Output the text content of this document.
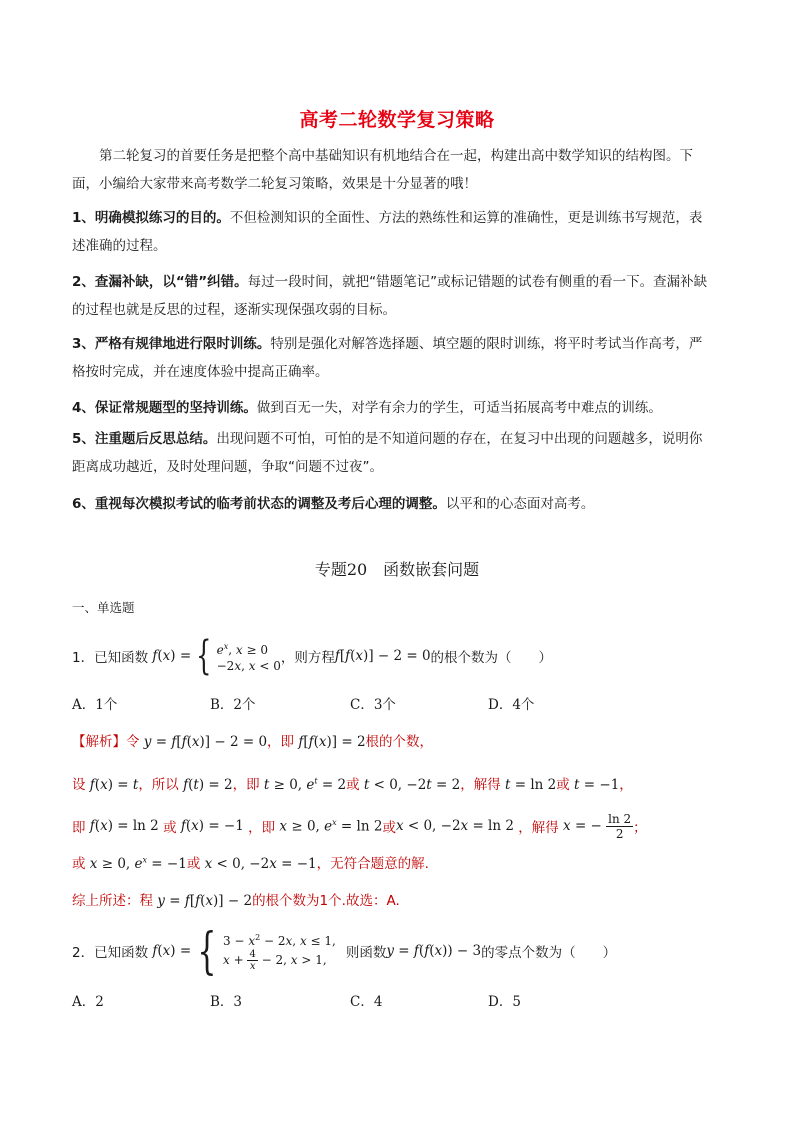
高考二轮数学复习策略
第二轮复习的首要任务是把整个高中基础知识有机地结合在一起，构建出高中数学知识的结构图。下
面，小编给大家带来高考数学二轮复习策略，效果是十分显著的哦！
1、明确模拟练习的目的。不但检测知识的全面性、方法的熟练性和运算的准确性，更是训练书写规范，表
述准确的过程。
2、查漏补缺，以“错”纠错。每过一段时间，就把“错题笔记”或标记错题的试卷有侧重的看一下。查漏补缺
的过程也就是反思的过程，逐渐实现保强攻弱的目标。
3、严格有规律地进行限时训练。特别是强化对解答选择题、填空题的限时训练，将平时考试当作高考，严
格按时完成，并在速度体验中提高正确率。
4、保证常规题型的坚持训练。做到百无一失，对学有余力的学生，可适当拓展高考中难点的训练。
5、注重题后反思总结。出现问题不可怕，可怕的是不知道问题的存在，在复习中出现的问题越多，说明你
距离成功越近，及时处理问题，争取“问题不过夜”。
6、重视每次模拟考试的临考前状态的调整及考后心理的调整。以平和的心态面对高考。
专题20　函数嵌套问题
一、单选题
1．已知函数 f ( x ) = { $e^x$, x ≥ 0
−2x, x < 0 ，则方程 f[f(x)] − 2 = 0 的根个数为（　　）
A．1个	B．2个	C．3个	D．4个
【解析】令 y = f[f(x)] − 2 = 0，即 f[f(x)] = 2根的个数，
设 f(x) = t，所以 f(t) = 2，即 t ≥ 0, $e^t = 2$或 t < 0, −2t = 2，解得 t = ln 2或 t = −1，
即 f(x) = ln 2 或 f(x) = −1 ，即 x ≥ 0, $e^x = \ln 2$ 或 x < 0, −2x = ln 2 ，解得 x = − $\frac{\ln 2}{2}$ ；
或 x ≥ 0, $e^x = -1$或 x < 0, −2x = −1，无符合题意的解.
综上所述：程 y = f[f(x)] − 2的根个数为1个.故选：A.
2．已知函数 f ( x ) = { $3 - x^2 - 2x$, x ≤ 1,
$x + \frac{4}{x} - 2$, x > 1,	则函数 y = f(f(x)) − 3 的零点个数为（　　）
A．2	B．3	C．4	D．5
